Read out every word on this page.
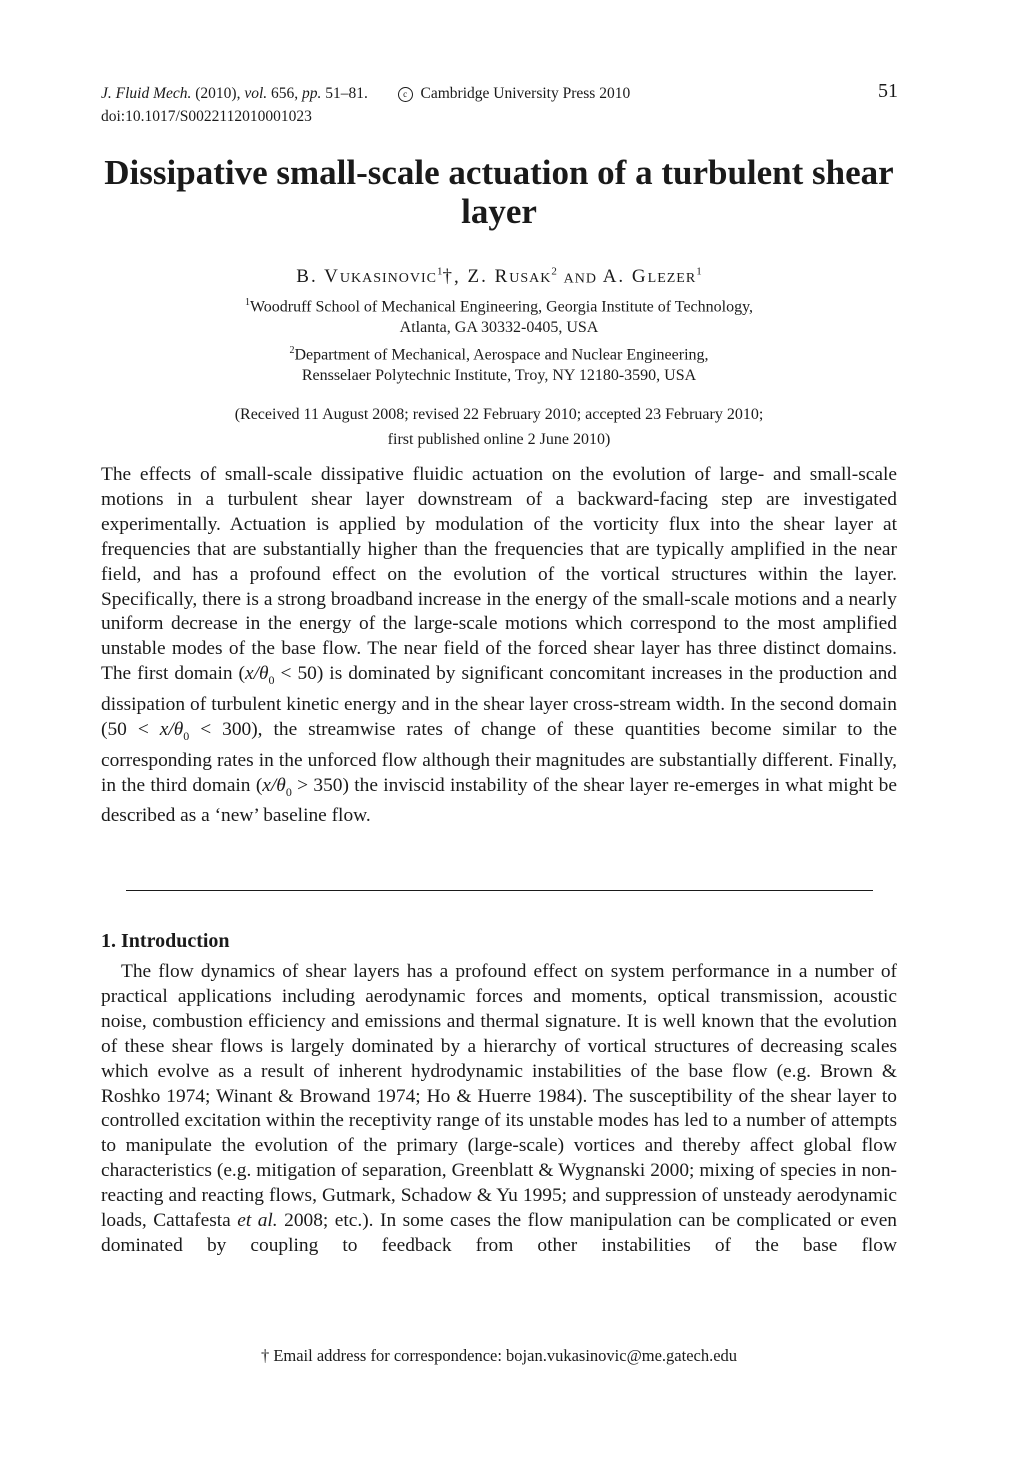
J. Fluid Mech. (2010), vol. 656, pp. 51–81.	c Cambridge University Press 2010
doi:10.1017/S0022112010001023
51
Dissipative small-scale actuation of a turbulent shear layer
B. VUKASINOVIC$^1$†, Z. RUSAK$^2$ AND A. GLEZER$^1$
$^1$Woodruff School of Mechanical Engineering, Georgia Institute of Technology,
Atlanta, GA 30332-0405, USA
$^2$Department of Mechanical, Aerospace and Nuclear Engineering,
Rensselaer Polytechnic Institute, Troy, NY 12180-3590, USA
(Received 11 August 2008; revised 22 February 2010; accepted 23 February 2010;
first published online 2 June 2010)

The effects of small-scale dissipative fluidic actuation on the evolution of large- and small-scale motions in a turbulent shear layer downstream of a backward-facing step are investigated experimentally. Actuation is applied by modulation of the vorticity flux into the shear layer at frequencies that are substantially higher than the frequencies that are typically amplified in the near field, and has a profound effect on the evolution of the vortical structures within the layer. Specifically, there is a strong broadband increase in the energy of the small-scale motions and a nearly uniform decrease in the energy of the large-scale motions which correspond to the most amplified unstable modes of the base flow. The near field of the forced shear layer has three distinct domains. The first domain $(x/\theta_0 < 50)$ is dominated by significant concomitant increases in the production and dissipation of turbulent kinetic energy and in the shear layer cross-stream width. In the second domain $(50 < x/\theta_0 < 300)$, the streamwise rates of change of these quantities become similar to the corresponding rates in the unforced flow although their magnitudes are substantially different. Finally, in the third domain $(x/\theta_0 > 350)$ the inviscid instability of the shear layer re-emerges in what might be described as a ‘new’ baseline flow.

1. Introduction

The flow dynamics of shear layers has a profound effect on system performance in a number of practical applications including aerodynamic forces and moments, optical transmission, acoustic noise, combustion efficiency and emissions and thermal signature. It is well known that the evolution of these shear flows is largely dominated by a hierarchy of vortical structures of decreasing scales which evolve as a result of inherent hydrodynamic instabilities of the base flow (e.g. Brown & Roshko 1974; Winant & Browand 1974; Ho & Huerre 1984). The susceptibility of the shear layer to controlled excitation within the receptivity range of its unstable modes has led to a number of attempts to manipulate the evolution of the primary (large-scale) vortices and thereby affect global flow characteristics (e.g. mitigation of separation, Greenblatt & Wygnanski 2000; mixing of species in non-reacting and reacting flows, Gutmark, Schadow & Yu 1995; and suppression of unsteady aerodynamic loads, Cattafesta et al. 2008; etc.). In some cases the flow manipulation can be complicated or even dominated by coupling to feedback from other instabilities of the base flow

† Email address for correspondence: bojan.vukasinovic@me.gatech.edu
